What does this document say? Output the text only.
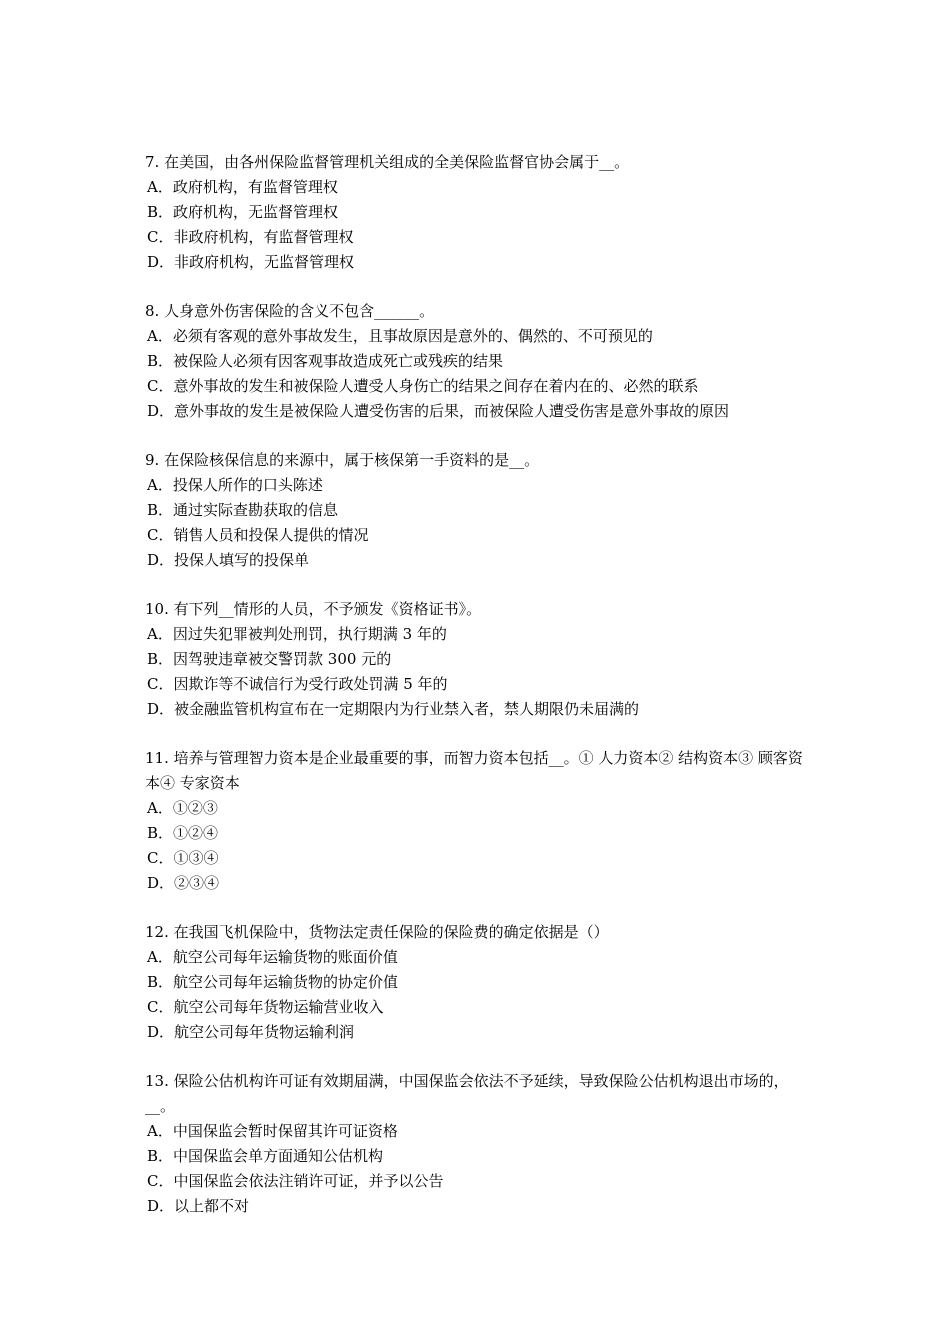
7. 在美国，由各州保险监督管理机关组成的全美保险监督官协会属于__。
A．政府机构，有监督管理权
B．政府机构，无监督管理权
C．非政府机构，有监督管理权
D．非政府机构，无监督管理权
8. 人身意外伤害保险的含义不包含______。
A．必须有客观的意外事故发生，且事故原因是意外的、偶然的、不可预见的
B．被保险人必须有因客观事故造成死亡或残疾的结果
C．意外事故的发生和被保险人遭受人身伤亡的结果之间存在着内在的、必然的联系
D．意外事故的发生是被保险人遭受伤害的后果，而被保险人遭受伤害是意外事故的原因
9. 在保险核保信息的来源中，属于核保第一手资料的是__。
A．投保人所作的口头陈述
B．通过实际查勘获取的信息
C．销售人员和投保人提供的情况
D．投保人填写的投保单
10. 有下列__情形的人员，不予颁发《资格证书》。
A．因过失犯罪被判处刑罚，执行期满 3 年的
B．因驾驶违章被交警罚款 300 元的
C．因欺诈等不诚信行为受行政处罚满 5 年的
D．被金融监管机构宣布在一定期限内为行业禁入者，禁人期限仍未届满的
11. 培养与管理智力资本是企业最重要的事，而智力资本包括__。① 人力资本② 结构资本③ 顾客资本④ 专家资本
A．①②③
B．①②④
C．①③④
D．②③④
12. 在我国飞机保险中，货物法定责任保险的保险费的确定依据是（）
A．航空公司每年运输货物的账面价值
B．航空公司每年运输货物的协定价值
C．航空公司每年货物运输营业收入
D．航空公司每年货物运输利润
13. 保险公估机构许可证有效期届满，中国保监会依法不予延续，导致保险公估机构退出市场的，__。
A．中国保监会暂时保留其许可证资格
B．中国保监会单方面通知公估机构
C．中国保监会依法注销许可证，并予以公告
D．以上都不对
